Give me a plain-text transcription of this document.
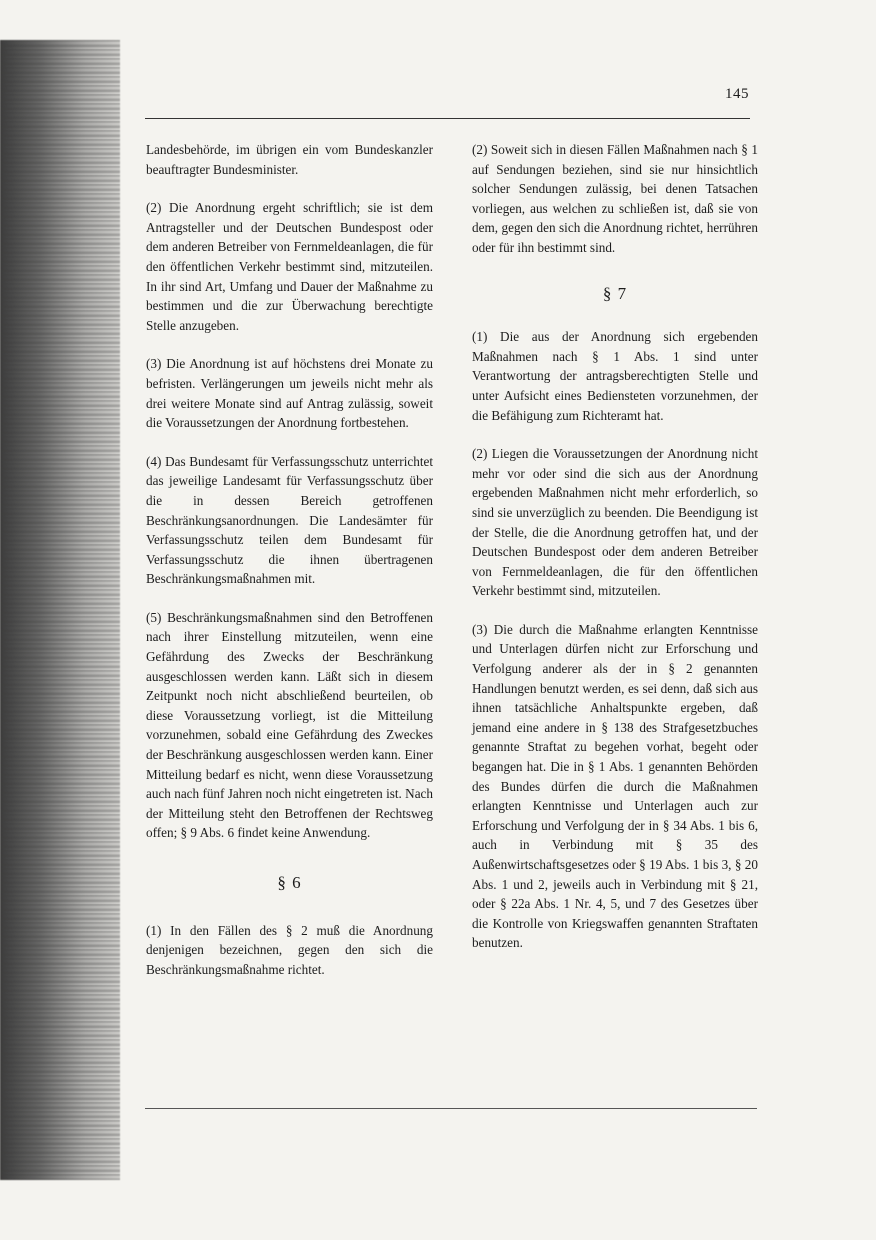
145

Landesbehörde, im übrigen ein vom Bundeskanzler beauftragter Bundesminister.

(2) Die Anordnung ergeht schriftlich; sie ist dem Antragsteller und der Deutschen Bundespost oder dem anderen Betreiber von Fernmeldeanlagen, die für den öffentlichen Verkehr bestimmt sind, mitzuteilen. In ihr sind Art, Umfang und Dauer der Maßnahme zu bestimmen und die zur Überwachung berechtigte Stelle anzugeben.

(3) Die Anordnung ist auf höchstens drei Monate zu befristen. Verlängerungen um jeweils nicht mehr als drei weitere Monate sind auf Antrag zulässig, soweit die Voraussetzungen der Anordnung fortbestehen.

(4) Das Bundesamt für Verfassungsschutz unterrichtet das jeweilige Landesamt für Verfassungsschutz über die in dessen Bereich getroffenen Beschränkungsanordnungen. Die Landesämter für Verfassungsschutz teilen dem Bundesamt für Verfassungsschutz die ihnen übertragenen Beschränkungsmaßnahmen mit.

(5) Beschränkungsmaßnahmen sind den Betroffenen nach ihrer Einstellung mitzuteilen, wenn eine Gefährdung des Zwecks der Beschränkung ausgeschlossen werden kann. Läßt sich in diesem Zeitpunkt noch nicht abschließend beurteilen, ob diese Voraussetzung vorliegt, ist die Mitteilung vorzunehmen, sobald eine Gefährdung des Zweckes der Beschränkung ausgeschlossen werden kann. Einer Mitteilung bedarf es nicht, wenn diese Voraussetzung auch nach fünf Jahren noch nicht eingetreten ist. Nach der Mitteilung steht den Betroffenen der Rechtsweg offen; § 9 Abs. 6 findet keine Anwendung.

§ 6

(1) In den Fällen des § 2 muß die Anordnung denjenigen bezeichnen, gegen den sich die Beschränkungsmaßnahme richtet.

(2) Soweit sich in diesen Fällen Maßnahmen nach § 1 auf Sendungen beziehen, sind sie nur hinsichtlich solcher Sendungen zulässig, bei denen Tatsachen vorliegen, aus welchen zu schließen ist, daß sie von dem, gegen den sich die Anordnung richtet, herrühren oder für ihn bestimmt sind.

§ 7

(1) Die aus der Anordnung sich ergebenden Maßnahmen nach § 1 Abs. 1 sind unter Verantwortung der antragsberechtigten Stelle und unter Aufsicht eines Bediensteten vorzunehmen, der die Befähigung zum Richteramt hat.

(2) Liegen die Voraussetzungen der Anordnung nicht mehr vor oder sind die sich aus der Anordnung ergebenden Maßnahmen nicht mehr erforderlich, so sind sie unverzüglich zu beenden. Die Beendigung ist der Stelle, die die Anordnung getroffen hat, und der Deutschen Bundespost oder dem anderen Betreiber von Fernmeldeanlagen, die für den öffentlichen Verkehr bestimmt sind, mitzuteilen.

(3) Die durch die Maßnahme erlangten Kenntnisse und Unterlagen dürfen nicht zur Erforschung und Verfolgung anderer als der in § 2 genannten Handlungen benutzt werden, es sei denn, daß sich aus ihnen tatsächliche Anhaltspunkte ergeben, daß jemand eine andere in § 138 des Strafgesetzbuches genannte Straftat zu begehen vorhat, begeht oder begangen hat. Die in § 1 Abs. 1 genannten Behörden des Bundes dürfen die durch die Maßnahmen erlangten Kenntnisse und Unterlagen auch zur Erforschung und Verfolgung der in § 34 Abs. 1 bis 6, auch in Verbindung mit § 35 des Außenwirtschaftsgesetzes oder § 19 Abs. 1 bis 3, § 20 Abs. 1 und 2, jeweils auch in Verbindung mit § 21, oder § 22a Abs. 1 Nr. 4, 5, und 7 des Gesetzes über die Kontrolle von Kriegswaffen genannten Straftaten benutzen.
